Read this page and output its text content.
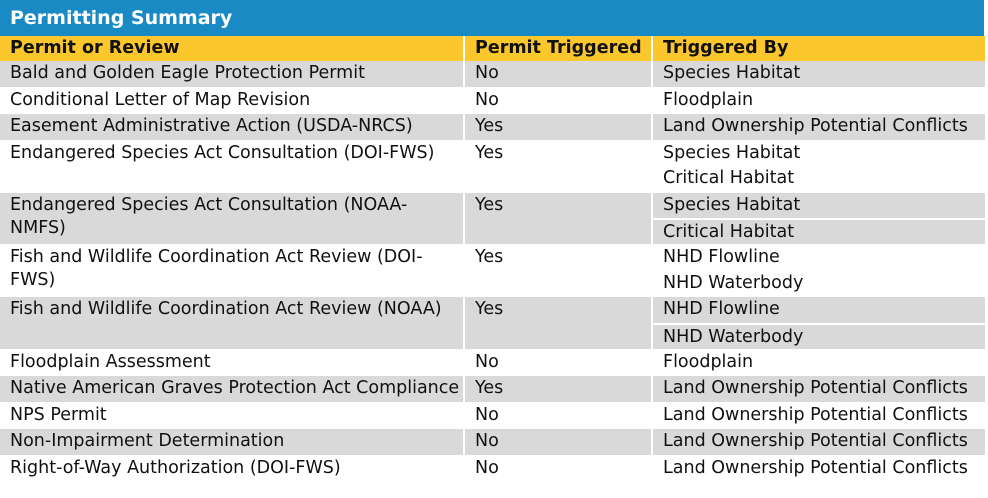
Permitting Summary
Permit or Review	Permit Triggered	Triggered By
Bald and Golden Eagle Protection Permit	No	Species Habitat

Conditional Letter of Map Revision	No	Floodplain

Easement Administrative Action (USDA-NRCS)	Yes	Land Ownership Potential Conflicts

Endangered Species Act Consultation (DOI-FWS)	Yes	Species Habitat
Critical Habitat

Endangered Species Act Consultation (NOAA-NMFS)	Yes	Species Habitat
Critical Habitat

Fish and Wildlife Coordination Act Review (DOI-FWS)	Yes	NHD Flowline
NHD Waterbody

Fish and Wildlife Coordination Act Review (NOAA)	Yes	NHD Flowline
NHD Waterbody

Floodplain Assessment	No	Floodplain

Native American Graves Protection Act Compliance	Yes	Land Ownership Potential Conflicts

NPS Permit	No	Land Ownership Potential Conflicts

Non-Impairment Determination	No	Land Ownership Potential Conflicts

Right-of-Way Authorization (DOI-FWS)	No	Land Ownership Potential Conflicts
